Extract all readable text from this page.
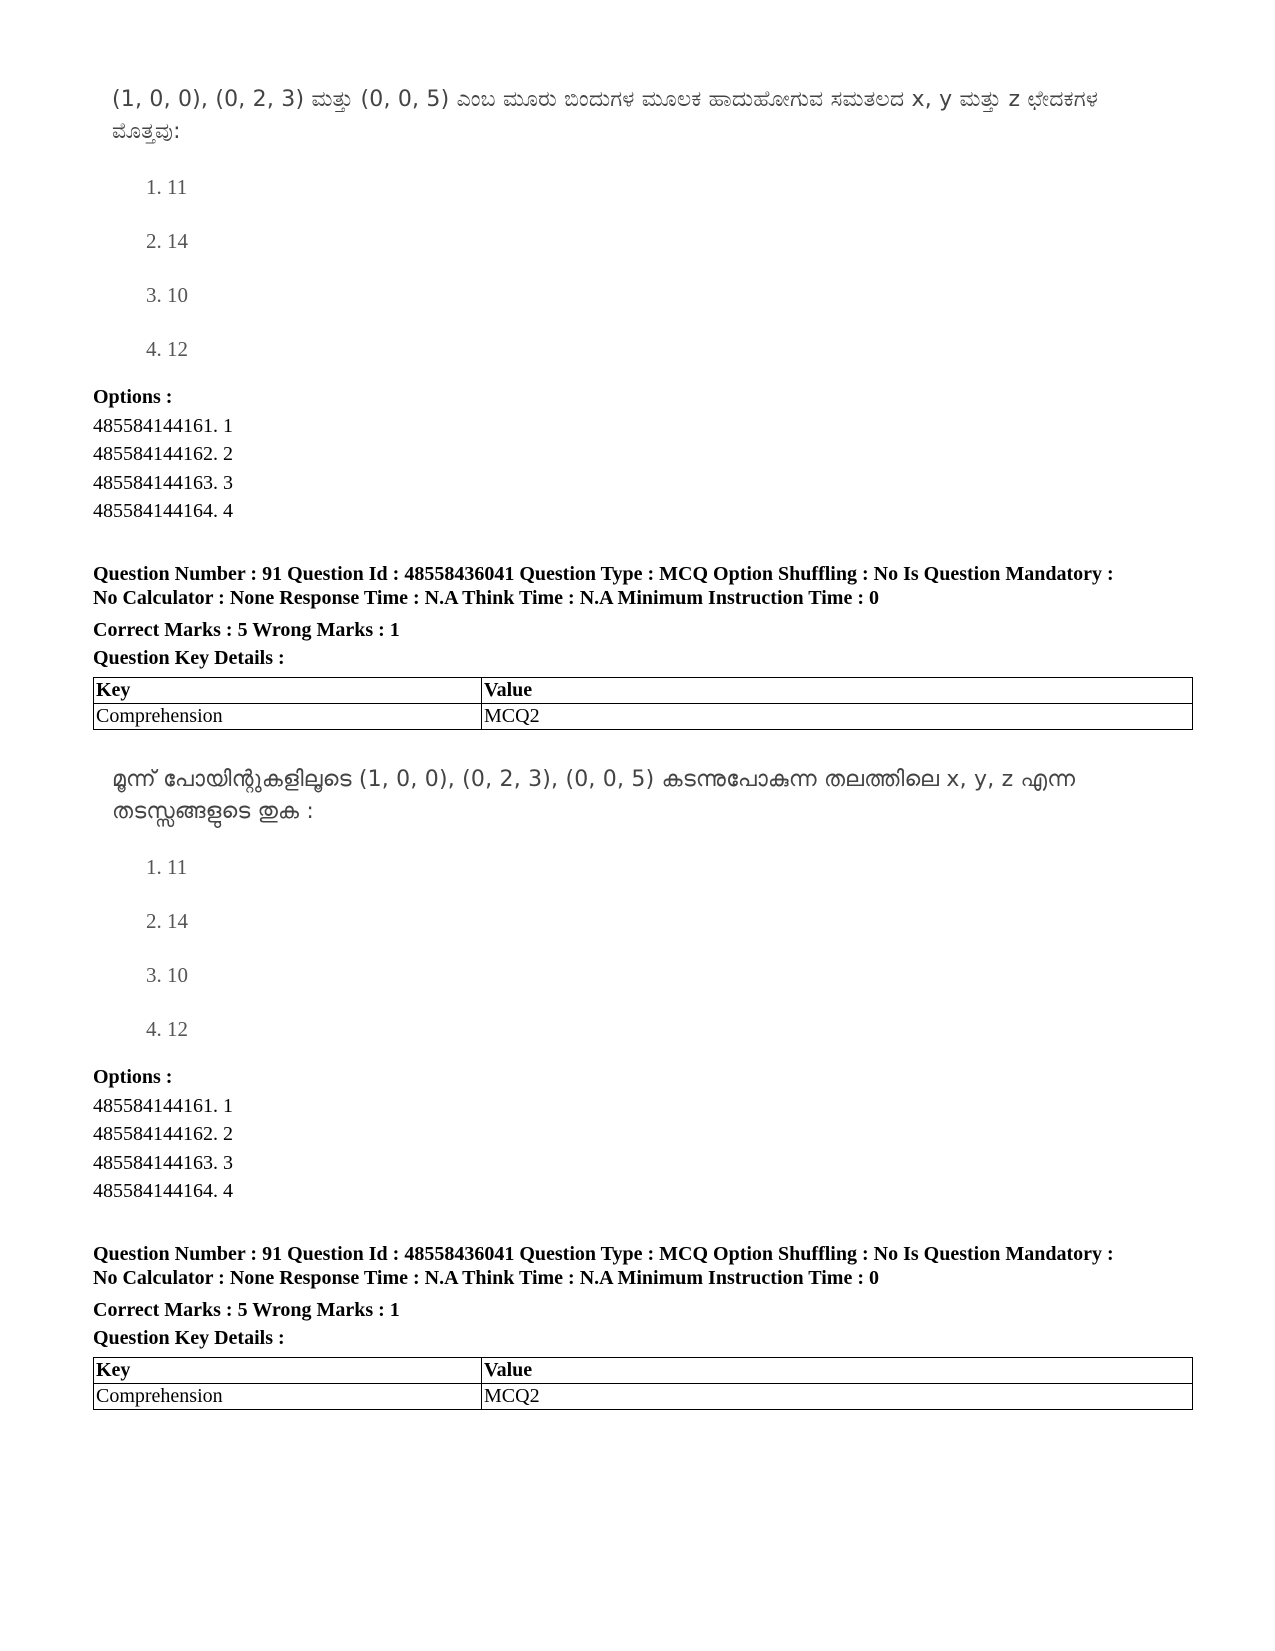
(1, 0, 0), (0, 2, 3) ಮತ್ತು (0, 0, 5) ಎಂಬ ಮೂರು ಬಿಂದುಗಳ ಮೂಲಕ ಹಾದುಹೋಗುವ ಸಮತಲದ x, y ಮತ್ತು z ಛೇದಕಗಳ ಮೊತ್ತವು:

1. 11
2. 14
3. 10
4. 12
Options :
485584144161. 1
485584144162. 2
485584144163. 3
485584144164. 4
Question Number : 91 Question Id : 48558436041 Question Type : MCQ Option Shuffling : No Is Question Mandatory :
No Calculator : None Response Time : N.A Think Time : N.A Minimum Instruction Time : 0
Correct Marks : 5 Wrong Marks : 1
Question Key Details :
Key	Value
Comprehension	MCQ2

മൂന്ന് പോയിന്റുകളിലൂടെ (1, 0, 0), (0, 2, 3), (0, 0, 5) കടന്നുപോകുന്ന തലത്തിലെ x, y, z എന്ന തടസ്സങ്ങളുടെ തുക :

1. 11
2. 14
3. 10
4. 12
Options :
485584144161. 1
485584144162. 2
485584144163. 3
485584144164. 4
Question Number : 91 Question Id : 48558436041 Question Type : MCQ Option Shuffling : No Is Question Mandatory :
No Calculator : None Response Time : N.A Think Time : N.A Minimum Instruction Time : 0
Correct Marks : 5 Wrong Marks : 1
Question Key Details :
Key	Value
Comprehension	MCQ2
